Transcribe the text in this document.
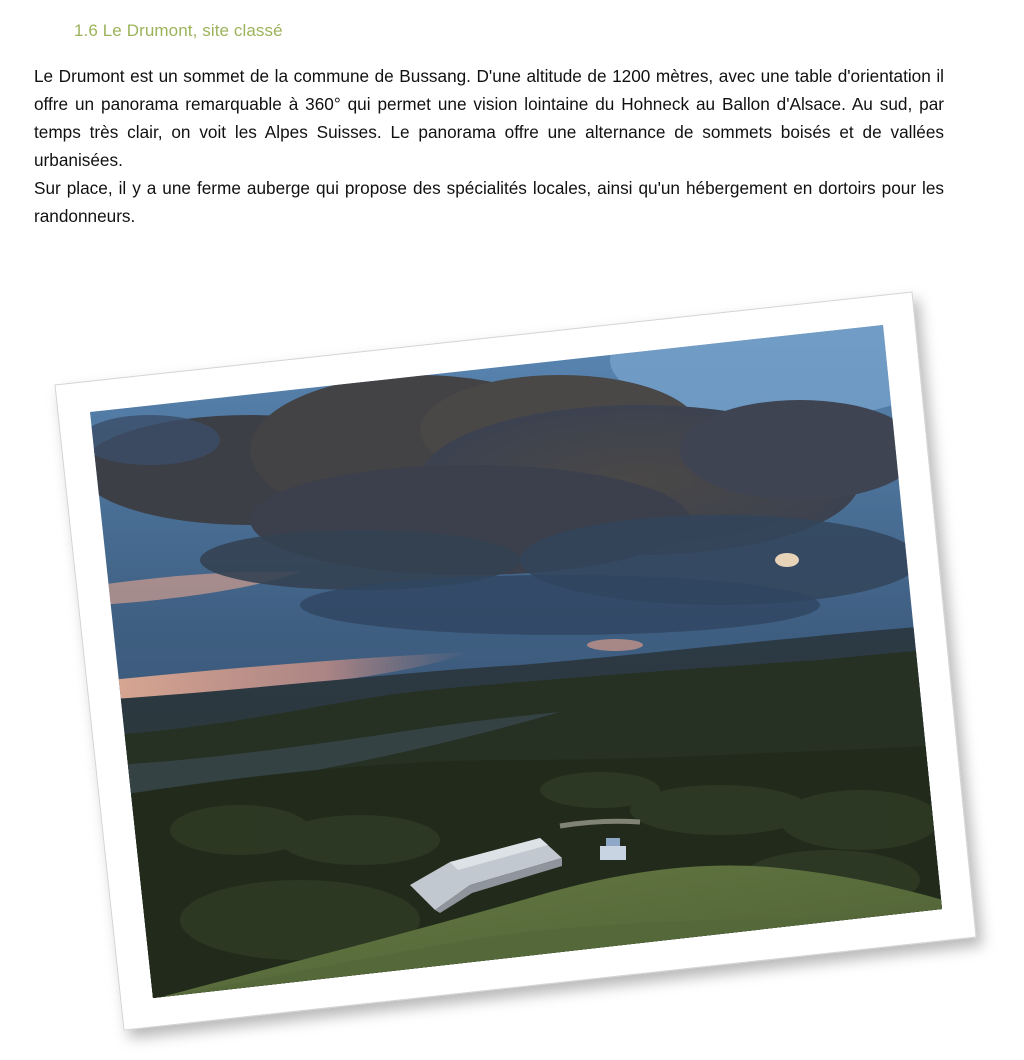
1.6 Le Drumont, site classé

Le Drumont est un sommet de la commune de Bussang. D'une altitude de 1200 mètres, avec une table d'orientation il offre un panorama remarquable à 360° qui permet une vision lointaine du Hohneck au Ballon d'Alsace. Au sud, par temps très clair, on voit les Alpes Suisses. Le panorama offre une alternance de sommets boisés et de vallées urbanisées.

Sur place, il y a une ferme auberge qui propose des spécialités locales, ainsi qu'un hébergement en dortoirs pour les randonneurs.
